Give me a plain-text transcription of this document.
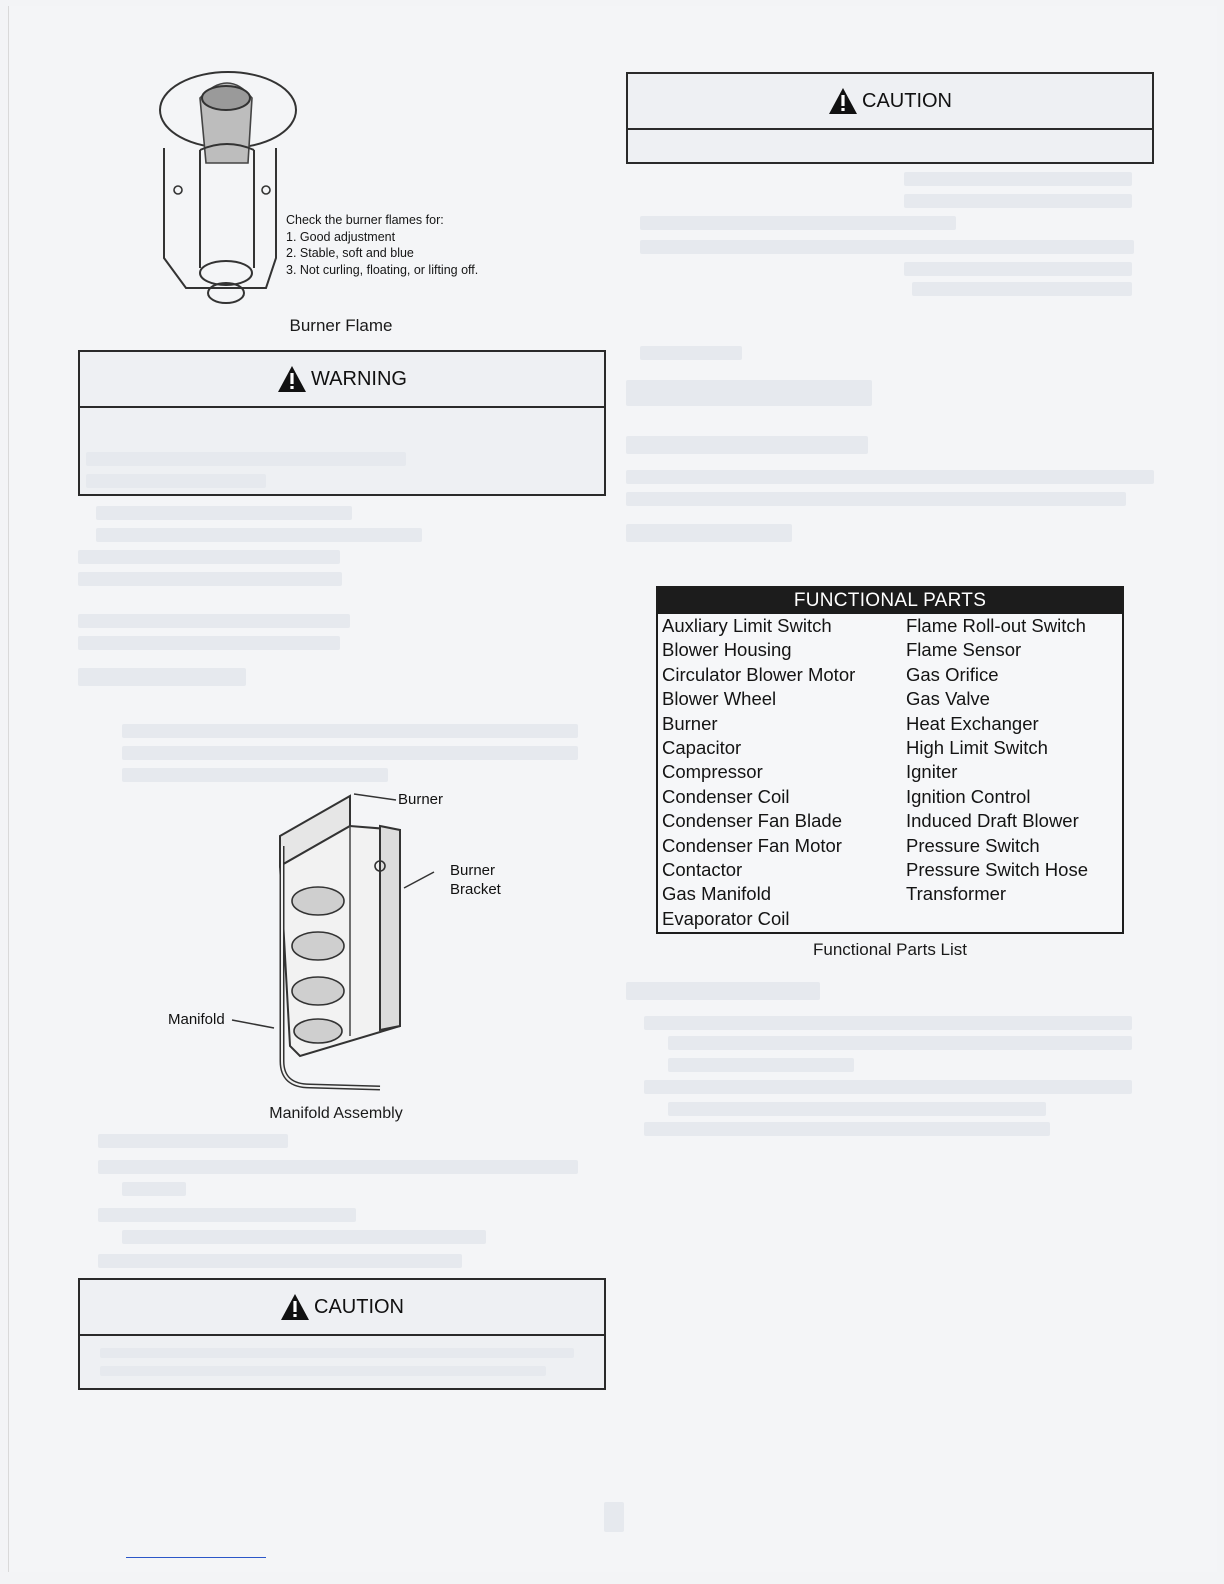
Check the burner flames for:
1. Good adjustment
2. Stable, soft and blue
3. Not curling, floating, or lifting off.
Burner Flame
WARNING
Burner
Burner
Bracket
Manifold
Manifold Assembly
CAUTION
CAUTION
FUNCTIONAL PARTS
Auxliary Limit Switch
Blower Housing
Circulator Blower Motor
Blower Wheel
Burner
Capacitor
Compressor
Condenser Coil
Condenser Fan Blade
Condenser Fan Motor
Contactor
Gas Manifold
Evaporator Coil
Flame Roll-out Switch
Flame Sensor
Gas Orifice
Gas Valve
Heat Exchanger
High Limit Switch
Igniter
Ignition Control
Induced Draft Blower
Pressure Switch
Pressure Switch Hose
Transformer
Functional Parts List
